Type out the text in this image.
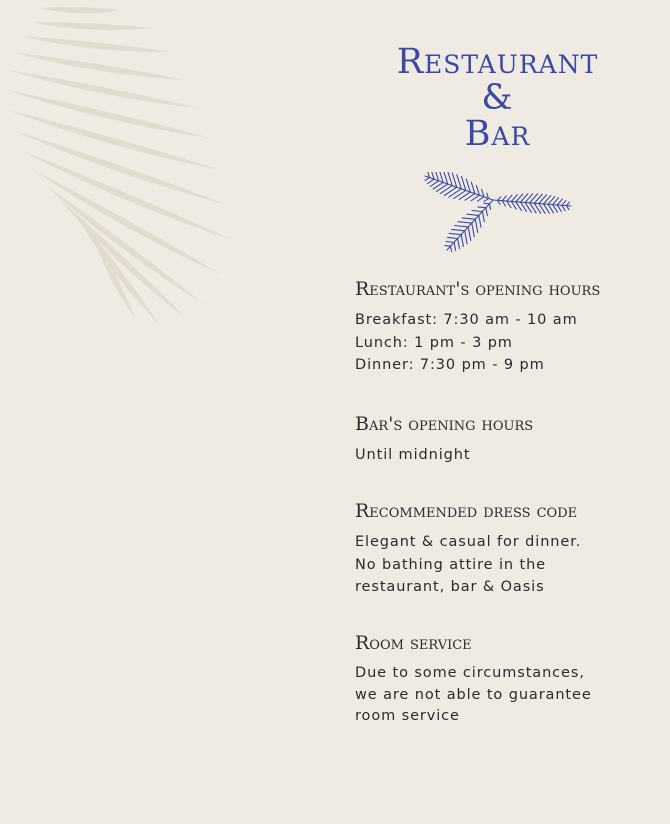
Restaurant
&
Bar
Restaurant's opening hours
Breakfast: 7:30 am - 10 am
Lunch: 1 pm - 3 pm
Dinner: 7:30 pm - 9 pm
Bar's opening hours
Until midnight
Recommended dress code
Elegant & casual for dinner.
No bathing attire in the
restaurant, bar & Oasis
Room service
Due to some circumstances,
we are not able to guarantee
room service
